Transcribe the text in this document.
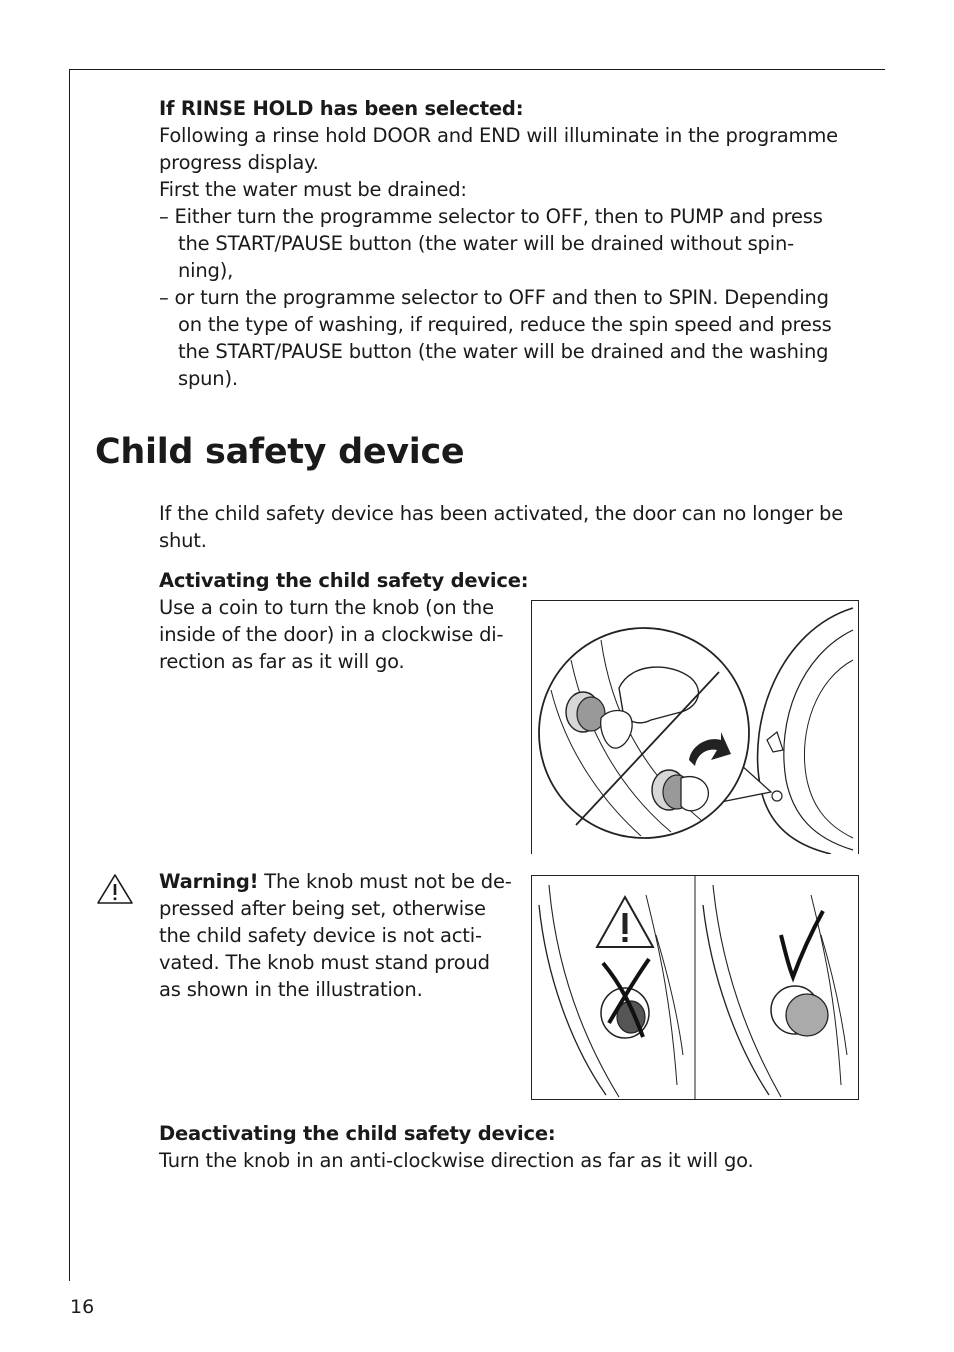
If RINSE HOLD has been selected:
Following a rinse hold DOOR and END will illuminate in the programme
progress display.
First the water must be drained:
– Either turn the programme selector to OFF, then to PUMP and press
the START/PAUSE button (the water will be drained without spin-
ning),
– or turn the programme selector to OFF and then to SPIN. Depending
on the type of washing, if required, reduce the spin speed and press
the START/PAUSE button (the water will be drained and the washing
spun).
Child safety device
If the child safety device has been activated, the door can no longer be
shut.
Activating the child safety device:
Use a coin to turn the knob (on the
inside of the door) in a clockwise di-
rection as far as it will go.
Warning! The knob must not be de-
pressed after being set, otherwise
the child safety device is not acti-
vated. The knob must stand proud
as shown in the illustration.
Deactivating the child safety device:
Turn the knob in an anti-clockwise direction as far as it will go.
16
